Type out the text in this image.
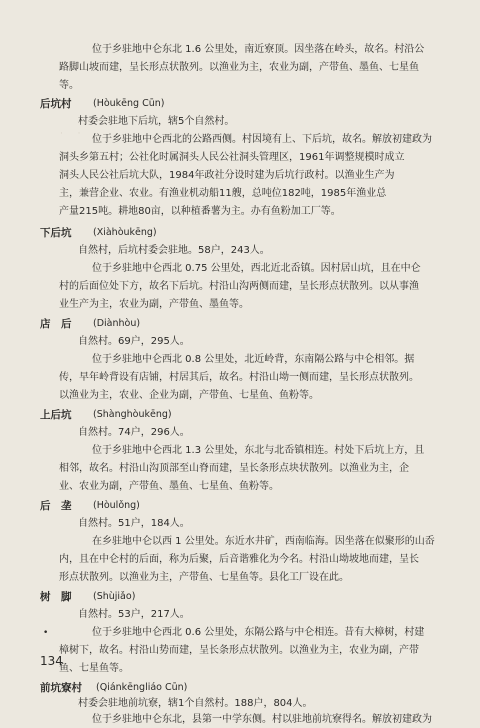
· 　 ·
位于乡驻地中仑东北 1.6 公里处，南近寮顶。因坐落在岭头，故名。村沿公
路脚山坡而建，呈长形点状散列。以渔业为主，农业为副，产带鱼、墨鱼、七星鱼
等。
后坑村 (Hòukēng Cūn)
村委会驻地下后坑，辖5个自然村。
位于乡驻地中仑西北的公路西侧。村因境有上、下后坑，故名。解放初建政为
洞头乡第五村；公社化时属洞头人民公社洞头管理区，1961年调整规模时成立
洞头人民公社后坑大队，1984年政社分设时建为后坑行政村。以渔业生产为
主，兼营企业、农业。有渔业机动船11艘，总吨位182吨，1985年渔业总
产量215吨。耕地80亩，以种植番薯为主。办有鱼粉加工厂等。
下后坑 (Xiàhòukēng)
自然村，后坑村委会驻地。58户，243人。
位于乡驻地中仑西北 0.75 公里处，西北近北岙镇。因村居山坑，且在中仑
村的后面位处下方，故名下后坑。村沿山沟两侧而建，呈长形点状散列。以从事渔
业生产为主，农业为副，产带鱼、墨鱼等。
店　后 (Diànhòu)
自然村。69户，295人。
位于乡驻地中仑西北 0.8 公里处，北近岭背，东南隔公路与中仑相邻。据
传，早年岭背设有店铺，村居其后，故名。村沿山坳一侧而建，呈长形点状散列。
以渔业为主，农业、企业为副，产带鱼、七星鱼、鱼粉等。
上后坑 (Shànghòukēng)
自然村。74户，296人。
位于乡驻地中仑西北 1.3 公里处，东北与北岙镇相连。村处下后坑上方，且
相邻，故名。村沿山沟顶部至山脊而建，呈长条形点块状散列。以渔业为主，企
业、农业为副，产带鱼、墨鱼、七星鱼、鱼粉等。
后　垄 (Hòulǒng)
自然村。51户，184人。
在乡驻地中仑以西 1 公里处。东近水井矿，西南临海。因坐落在似聚形的山岙
内，且在中仑村的后面，称为后聚，后音谐雅化为今名。村沿山坳坡地而建，呈长
形点状散列。以渔业为主，产带鱼、七星鱼等。县化工厂设在此。
树　脚 (Shùjiǎo)
自然村。53户，217人。
•	位于乡驻地中仑西北 0.6 公里处，东隔公路与中仑相连。昔有大樟树，村建
樟树下，故名。村沿山势而建，呈长条形点状散列。以渔业为主，农业为副，产带
鱼、七星鱼等。
前坑寮村 (Qiánkēngliáo Cūn)
村委会驻地前坑寮，辖1个自然村。188户，804人。
位于乡驻地中仑东北，县第一中学东侧。村以驻地前坑寮得名。解放初建政为
134
